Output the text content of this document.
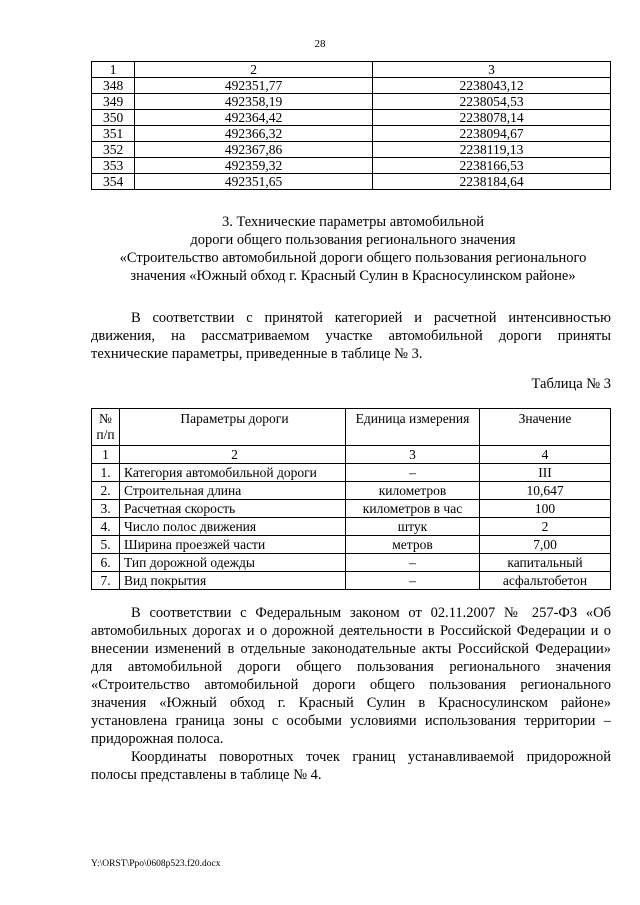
28
1	2	3
348	492351,77	2238043,12
349	492358,19	2238054,53
350	492364,42	2238078,14
351	492366,32	2238094,67
352	492367,86	2238119,13
353	492359,32	2238166,53
354	492351,65	2238184,64
3. Технические параметры автомобильной
дороги общего пользования регионального значения
«Строительство автомобильной дороги общего пользования регионального
значения «Южный обход г. Красный Сулин в Красносулинском районе»
В соответствии с принятой категорией и расчетной интенсивностью движения, на рассматриваемом участке автомобильной дороги приняты технические параметры, приведенные в таблице № 3.
Таблица № 3
№ п/п	Параметры дороги	Единица измерения	Значение
1	2	3	4
1.	Категория автомобильной дороги	–	III
2.	Строительная длина	километров	10,647
3.	Расчетная скорость	километров в час	100
4.	Число полос движения	штук	2
5.	Ширина проезжей части	метров	7,00
6.	Тип дорожной одежды	–	капитальный
7.	Вид покрытия	–	асфальтобетон
В соответствии с Федеральным законом от 02.11.2007 № 257-ФЗ «Об автомобильных дорогах и о дорожной деятельности в Российской Федерации и о внесении изменений в отдельные законодательные акты Российской Федерации» для автомобильной дороги общего пользования регионального значения «Строительство автомобильной дороги общего пользования регионального значения «Южный обход г. Красный Сулин в Красносулинском районе» установлена граница зоны с особыми условиями использования территории – придорожная полоса.
Координаты поворотных точек границ устанавливаемой придорожной полосы представлены в таблице № 4.
Y:\ORST\Ppo\0608p523.f20.docx
